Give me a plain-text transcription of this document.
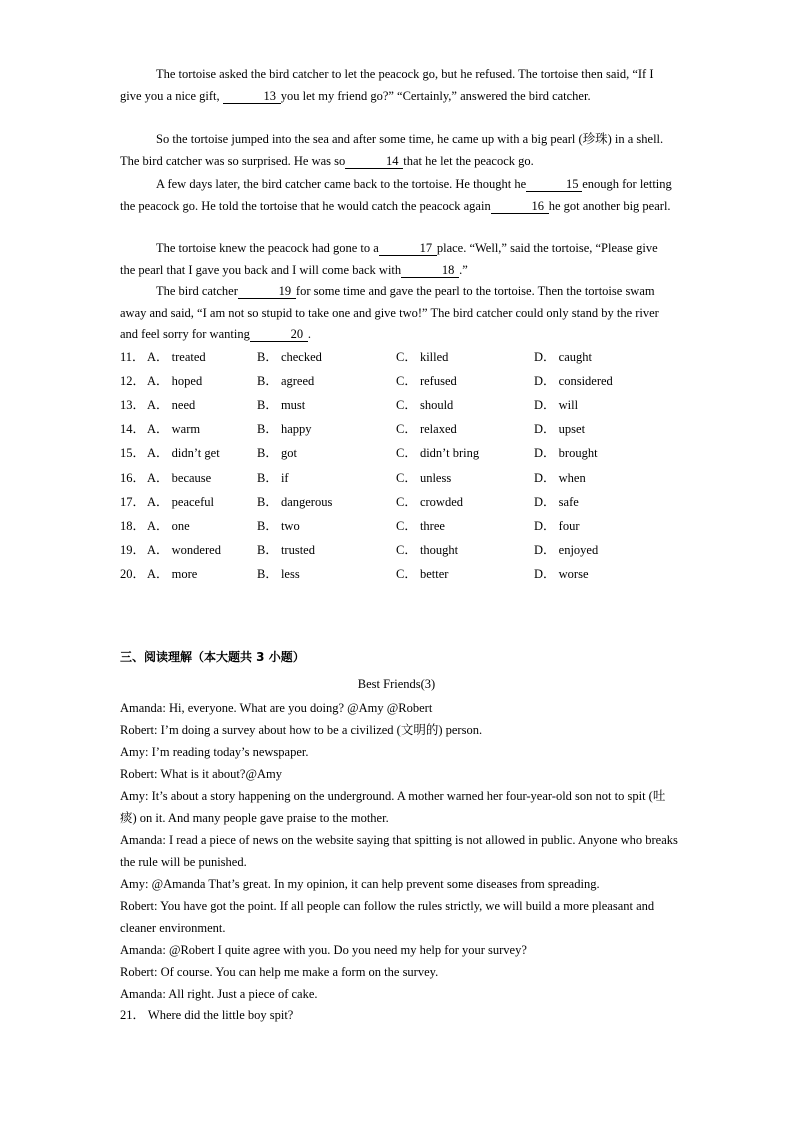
The tortoise asked the bird catcher to let the peacock go, but he refused. The tortoise then said, “If I give you a nice gift,	13 you let my friend go?” “Certainly,” answered the bird catcher.

So the tortoise jumped into the sea and after some time, he came up with a big pearl (珍珠) in a shell. The bird catcher was so surprised. He was so	14 that he let the peacock go.

A few days later, the bird catcher came back to the tortoise. He thought he	15 enough for letting the peacock go. He told the tortoise that he would catch the peacock again	16 he got another big pearl.

The tortoise knew the peacock had gone to a	17 place. “Well,” said the tortoise, “Please give the pearl that I gave you back and I will come back with	18 .”

The bird catcher	19 for some time and gave the pearl to the tortoise. Then the tortoise swam away and said, “I am not so stupid to take one and give two!” The bird catcher could only stand by the river and feel sorry for wanting	20 .

11． A． treated	B． checked	C． killed	D． caught
12． A． hoped	B． agreed	C． refused	D． considered
13． A． need	B． must	C． should	D． will
14． A． warm	B． happy	C． relaxed	D． upset
15． A． didn’t get	B． got	C． didn’t bring	D． brought
16． A． because	B． if	C． unless	D． when
17． A． peaceful	B． dangerous	C． crowded	D． safe
18． A． one	B． two	C． three	D． four
19． A． wondered	B． trusted	C． thought	D． enjoyed
20． A． more	B． less	C． better	D． worse
三、阅读理解（本大题共 3 小题）
Best Friends(3)
Amanda: Hi, everyone. What are you doing? @Amy @Robert
Robert: I’m doing a survey about how to be a civilized (文明的) person.
Amy: I’m reading today’s newspaper.
Robert: What is it about?@Amy
Amy: It’s about a story happening on the underground. A mother warned her four-year-old son not to spit (吐痰) on it. And many people gave praise to the mother.
Amanda: I read a piece of news on the website saying that spitting is not allowed in public. Anyone who breaks the rule will be punished.
Amy: @Amanda That’s great. In my opinion, it can help prevent some diseases from spreading.
Robert: You have got the point. If all people can follow the rules strictly, we will build a more pleasant and cleaner environment.
Amanda: @Robert I quite agree with you. Do you need my help for your survey?
Robert: Of course. You can help me make a form on the survey.
Amanda: All right. Just a piece of cake.
21． Where did the little boy spit?
